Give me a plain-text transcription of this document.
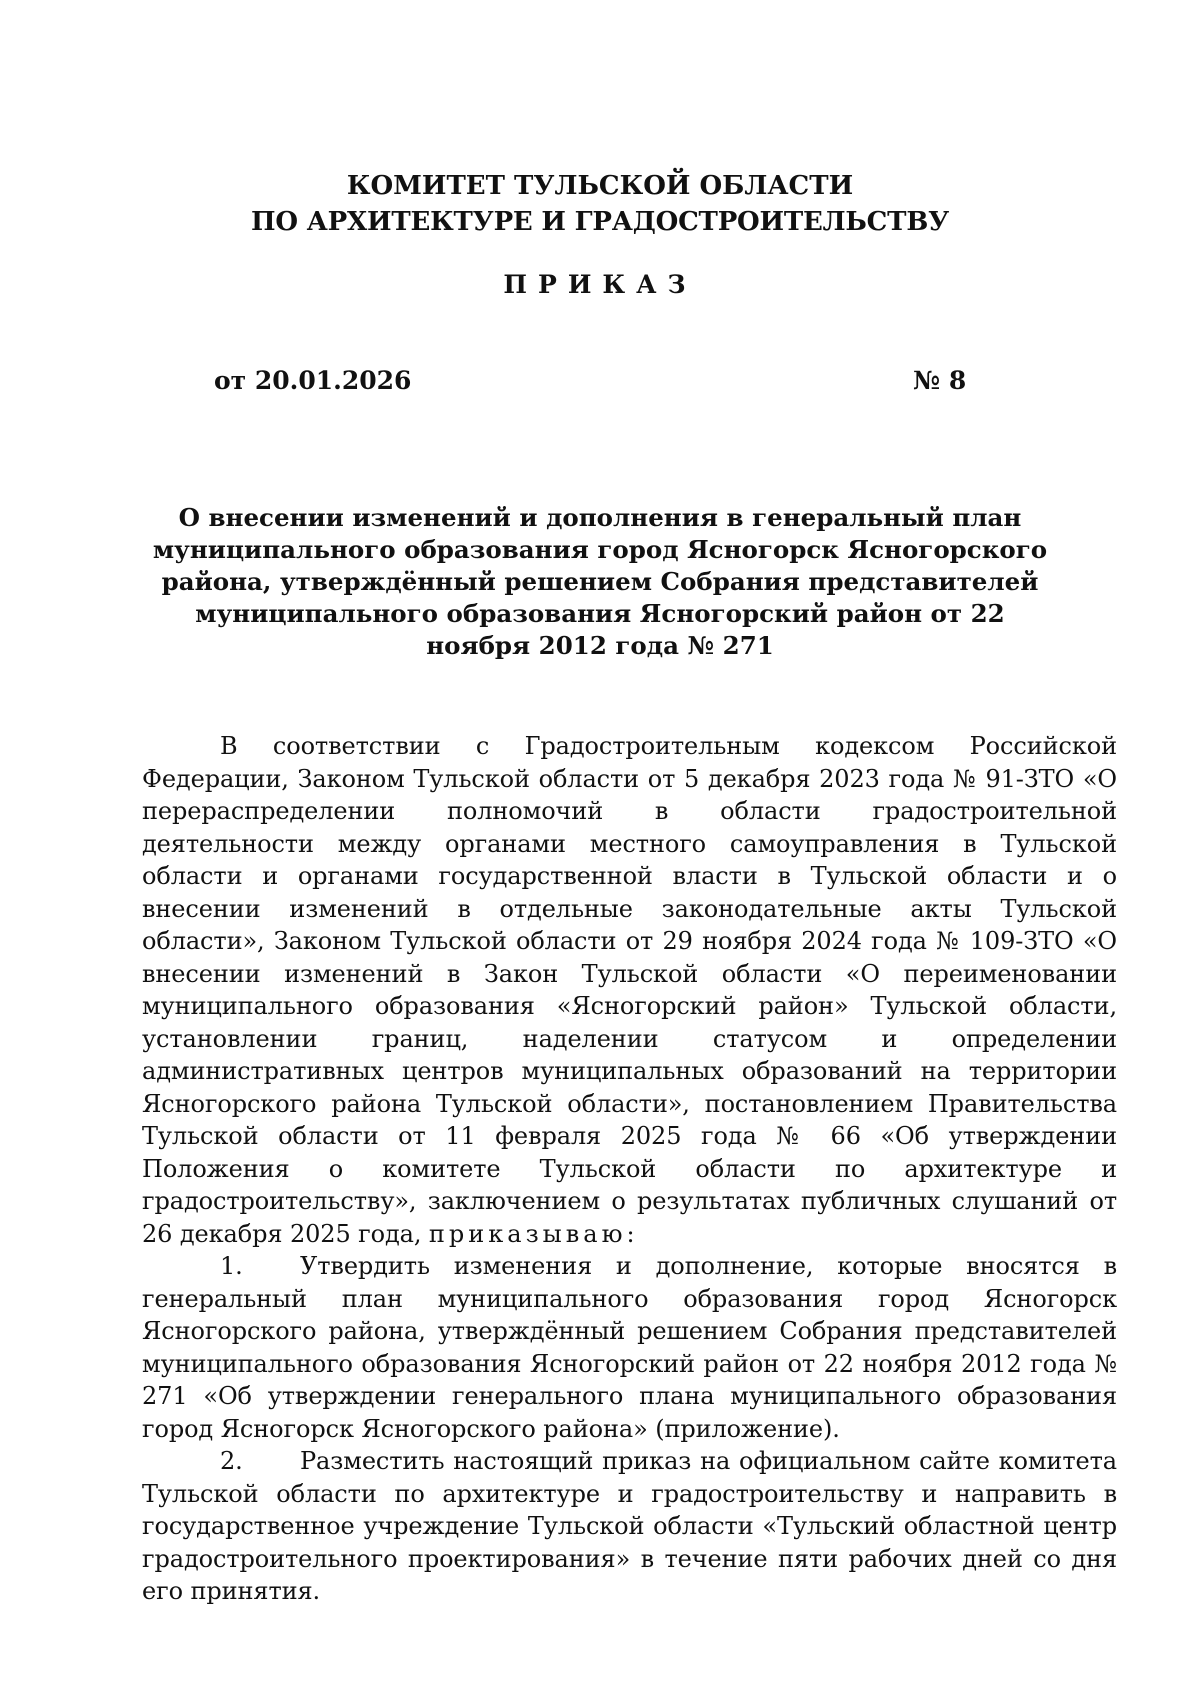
КОМИТЕТ ТУЛЬСКОЙ ОБЛАСТИ
ПО АРХИТЕКТУРЕ И ГРАДОСТРОИТЕЛЬСТВУ
ПРИКАЗ
от 20.01.2026	№ 8
О внесении изменений и дополнения в генеральный план муниципального образования город Ясногорск Ясногорского района, утверждённый решением Собрания представителей муниципального образования Ясногорский район от 22 ноября 2012 года № 271

В соответствии с Градостроительным кодексом Российской Федерации, Законом Тульской области от 5 декабря 2023 года № 91-ЗТО «О перераспределении полномочий в области градостроительной деятельности между органами местного самоуправления в Тульской области и органами государственной власти в Тульской области и о внесении изменений в отдельные законодательные акты Тульской области», Законом Тульской области от 29 ноября 2024 года № 109-ЗТО «О внесении изменений в Закон Тульской области «О переименовании муниципального образования «Ясногорский район» Тульской области, установлении границ, наделении статусом и определении административных центров муниципальных образований на территории Ясногорского района Тульской области», постановлением Правительства Тульской области от 11 февраля 2025 года № 66 «Об утверждении Положения о комитете Тульской области по архитектуре и градостроительству», заключением о результатах публичных слушаний от 26 декабря 2025 года, приказываю:

1. Утвердить изменения и дополнение, которые вносятся в генеральный план муниципального образования город Ясногорск Ясногорского района, утверждённый решением Собрания представителей муниципального образования Ясногорский район от 22 ноября 2012 года № 271 «Об утверждении генерального плана муниципального образования город Ясногорск Ясногорского района» (приложение).

2. Разместить настоящий приказ на официальном сайте комитета Тульской области по архитектуре и градостроительству и направить в государственное учреждение Тульской области «Тульский областной центр градостроительного проектирования» в течение пяти рабочих дней со дня его принятия.
